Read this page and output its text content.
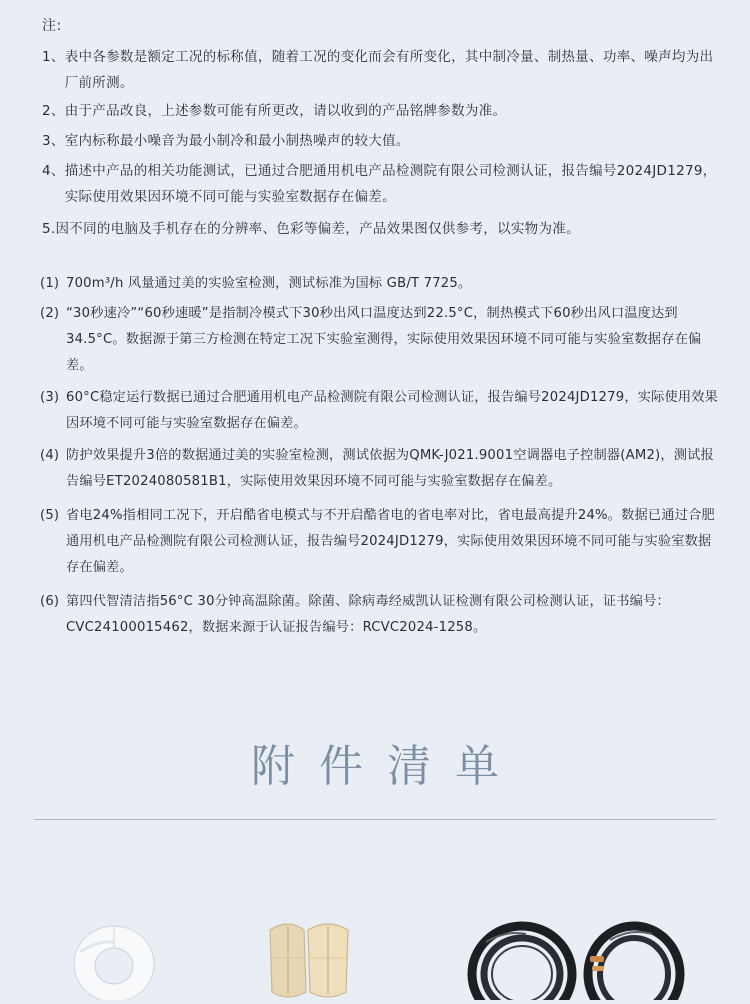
注:
1、 表中各参数是额定工况的标称值，随着工况的变化而会有所变化，其中制冷量、制热量、功率、噪声均为出厂前所测。
2、 由于产品改良，上述参数可能有所更改，请以收到的产品铭牌参数为准。
3、 室内标称最小噪音为最小制冷和最小制热噪声的较大值。
4、 描述中产品的相关功能测试，已通过合肥通用机电产品检测院有限公司检测认证，报告编号2024JD1279，实际使用效果因环境不同可能与实验室数据存在偏差。
5. 因不同的电脑及手机存在的分辨率、色彩等偏差，产品效果图仅供参考，以实物为准。
(1) 700m³/h 风量通过美的实验室检测，测试标准为国标 GB/T 7725。
(2) “30秒速冷”“60秒速暖”是指制冷模式下30秒出风口温度达到22.5°C，制热模式下60秒出风口温度达到34.5°C。数据源于第三方检测在特定工况下实验室测得，实际使用效果因环境不同可能与实验室数据存在偏差。
(3) 60°C稳定运行数据已通过合肥通用机电产品检测院有限公司检测认证，报告编号2024JD1279，实际使用效果因环境不同可能与实验室数据存在偏差。
(4) 防护效果提升3倍的数据通过美的实验室检测，测试依据为QMK-J021.9001空调器电子控制器(AM2)，测试报告编号ET2024080581B1，实际使用效果因环境不同可能与实验室数据存在偏差。
(5) 省电24%指相同工况下，开启酷省电模式与不开启酷省电的省电率对比，省电最高提升24%。数据已通过合肥通用机电产品检测院有限公司检测认证，报告编号2024JD1279，实际使用效果因环境不同可能与实验室数据存在偏差。
(6) 第四代智清洁指56°C 30分钟高温除菌。除菌、除病毒经威凯认证检测有限公司检测认证，证书编号：CVC24100015462，数据来源于认证报告编号：RCVC2024-1258。
附件清单
